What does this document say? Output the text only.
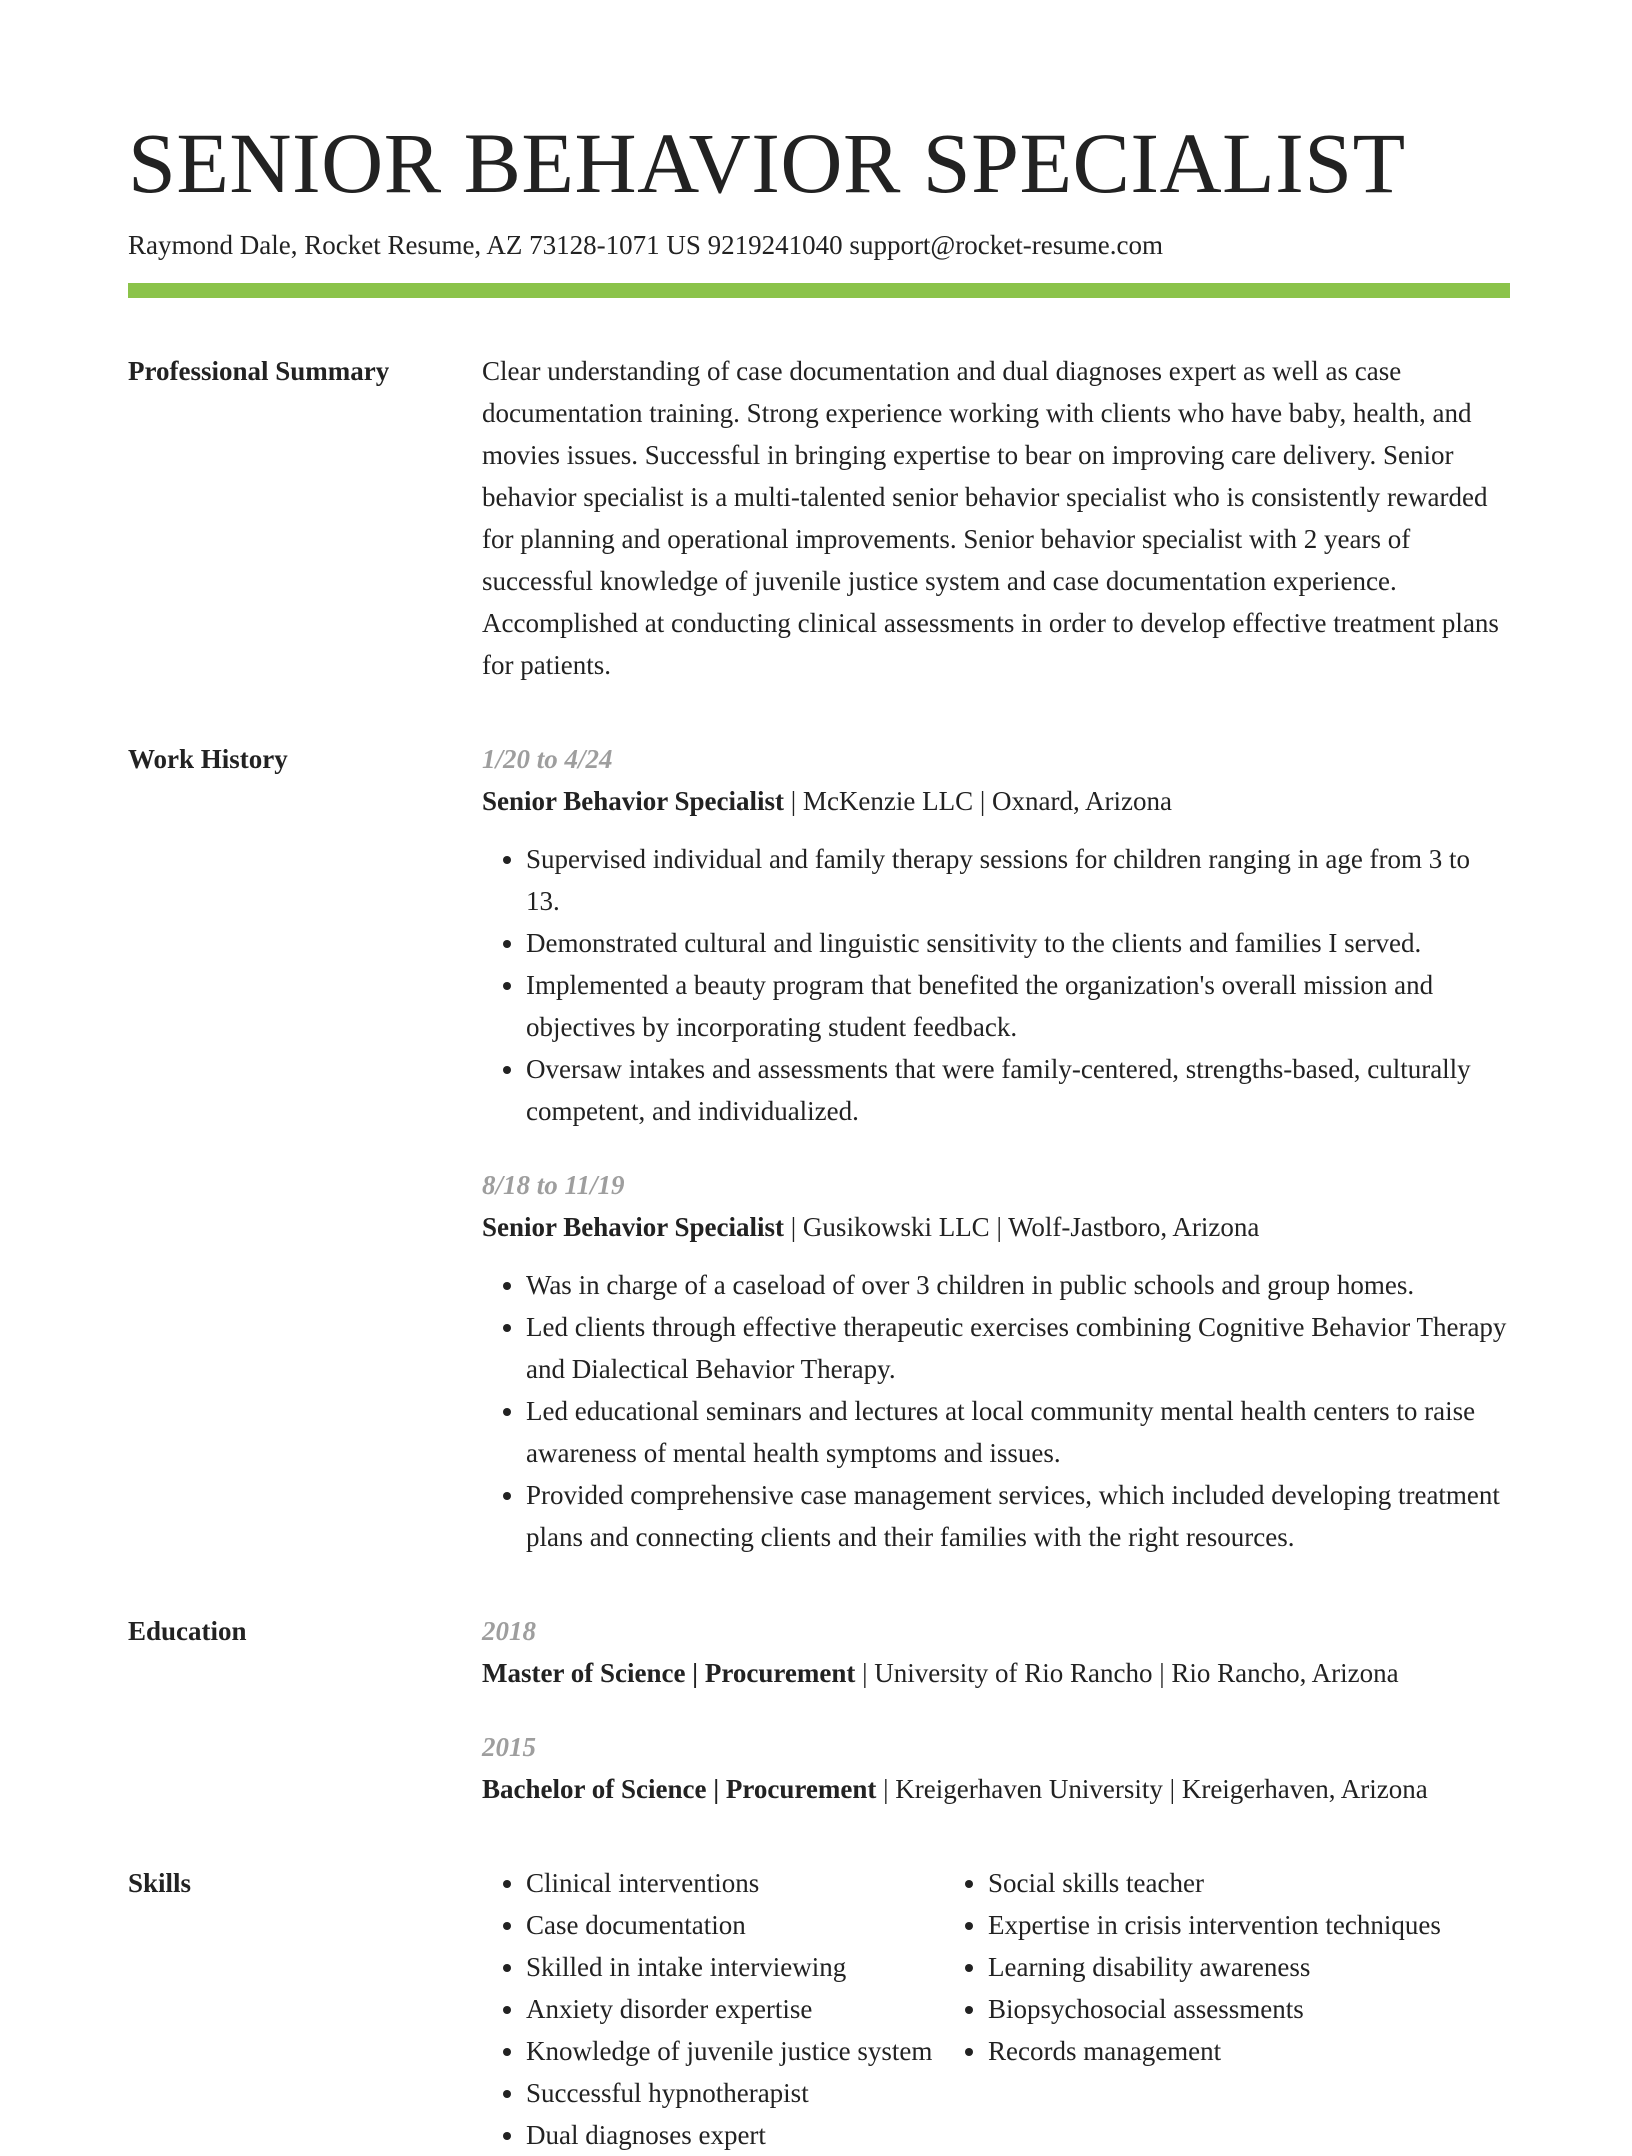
SENIOR BEHAVIOR SPECIALIST
Raymond Dale, Rocket Resume, AZ 73128-1071 US 9219241040 support@rocket-resume.com
Professional Summary	Clear understanding of case documentation and dual diagnoses expert as well as case documentation training. Strong experience working with clients who have baby, health, and movies issues. Successful in bringing expertise to bear on improving care delivery. Senior behavior specialist is a multi-talented senior behavior specialist who is consistently rewarded for planning and operational improvements. Senior behavior specialist with 2 years of successful knowledge of juvenile justice system and case documentation experience. Accomplished at conducting clinical assessments in order to develop effective treatment plans for patients.

Work History	1/20 to 4/24
Senior Behavior Specialist | McKenzie LLC | Oxnard, Arizona
• Supervised individual and family therapy sessions for children ranging in age from 3 to 13.
• Demonstrated cultural and linguistic sensitivity to the clients and families I served.
• Implemented a beauty program that benefited the organization's overall mission and objectives by incorporating student feedback.
• Oversaw intakes and assessments that were family-centered, strengths-based, culturally competent, and individualized.
8/18 to 11/19
Senior Behavior Specialist | Gusikowski LLC | Wolf-Jastboro, Arizona
• Was in charge of a caseload of over 3 children in public schools and group homes.
• Led clients through effective therapeutic exercises combining Cognitive Behavior Therapy and Dialectical Behavior Therapy.
• Led educational seminars and lectures at local community mental health centers to raise awareness of mental health symptoms and issues.
• Provided comprehensive case management services, which included developing treatment plans and connecting clients and their families with the right resources.
Education	2018
Master of Science | Procurement | University of Rio Rancho | Rio Rancho, Arizona
2015
Bachelor of Science | Procurement | Kreigerhaven University | Kreigerhaven, Arizona
Skills
•	Clinical interventions
• Case documentation
• Skilled in intake interviewing
• Anxiety disorder expertise
• Knowledge of juvenile justice system
• Successful hypnotherapist
• Dual diagnoses expert
• Social skills teacher
• Expertise in crisis intervention techniques
• Learning disability awareness
• Biopsychosocial assessments
• Records management
